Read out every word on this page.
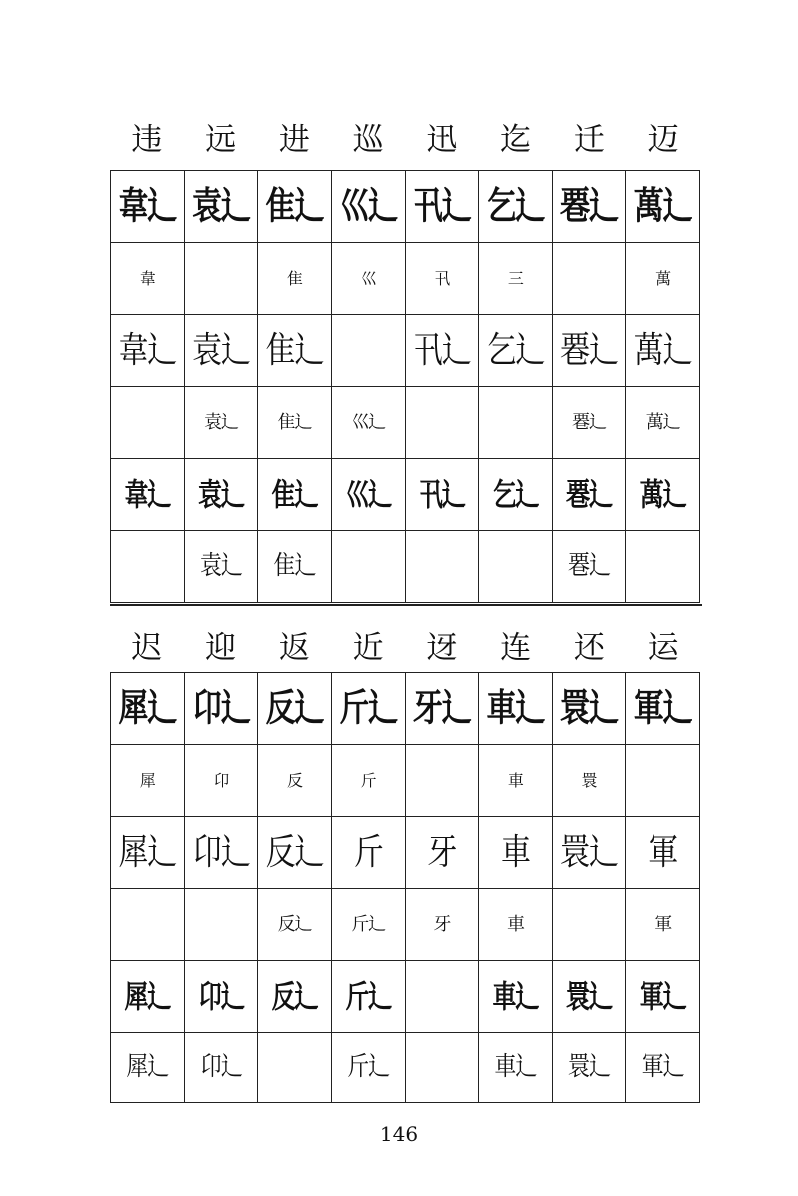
违	远	进	巡	迅	迄	迁	迈
韋辶	袁辶	隹辶	巛辶	卂辶	乞辶	䙴辶	萬辶
韋		隹	巛	卂	三		萬
韋辶	袁辶	隹辶		卂辶	乞辶	䙴辶	萬辶
	袁辶	隹辶	巛辶			䙴辶	萬辶
韋辶	袁辶	隹辶	巛辶	卂辶	乞辶	䙴辶	萬辶
	袁辶	隹辶				䙴辶	
迟	迎	返	近	迓	连	还	运
犀辶	卬辶	反辶	斤辶	牙辶	車辶	睘辶	軍辶
犀	卬	反	斤		車	睘	
犀辶	卬辶	反辶	斤	牙	車	睘辶	軍
		反辶	斤辶	牙	車		軍
犀辶	卬辶	反辶	斤辶		車辶	睘辶	軍辶
犀辶	卬辶		斤辶		車辶	睘辶	軍辶
146
